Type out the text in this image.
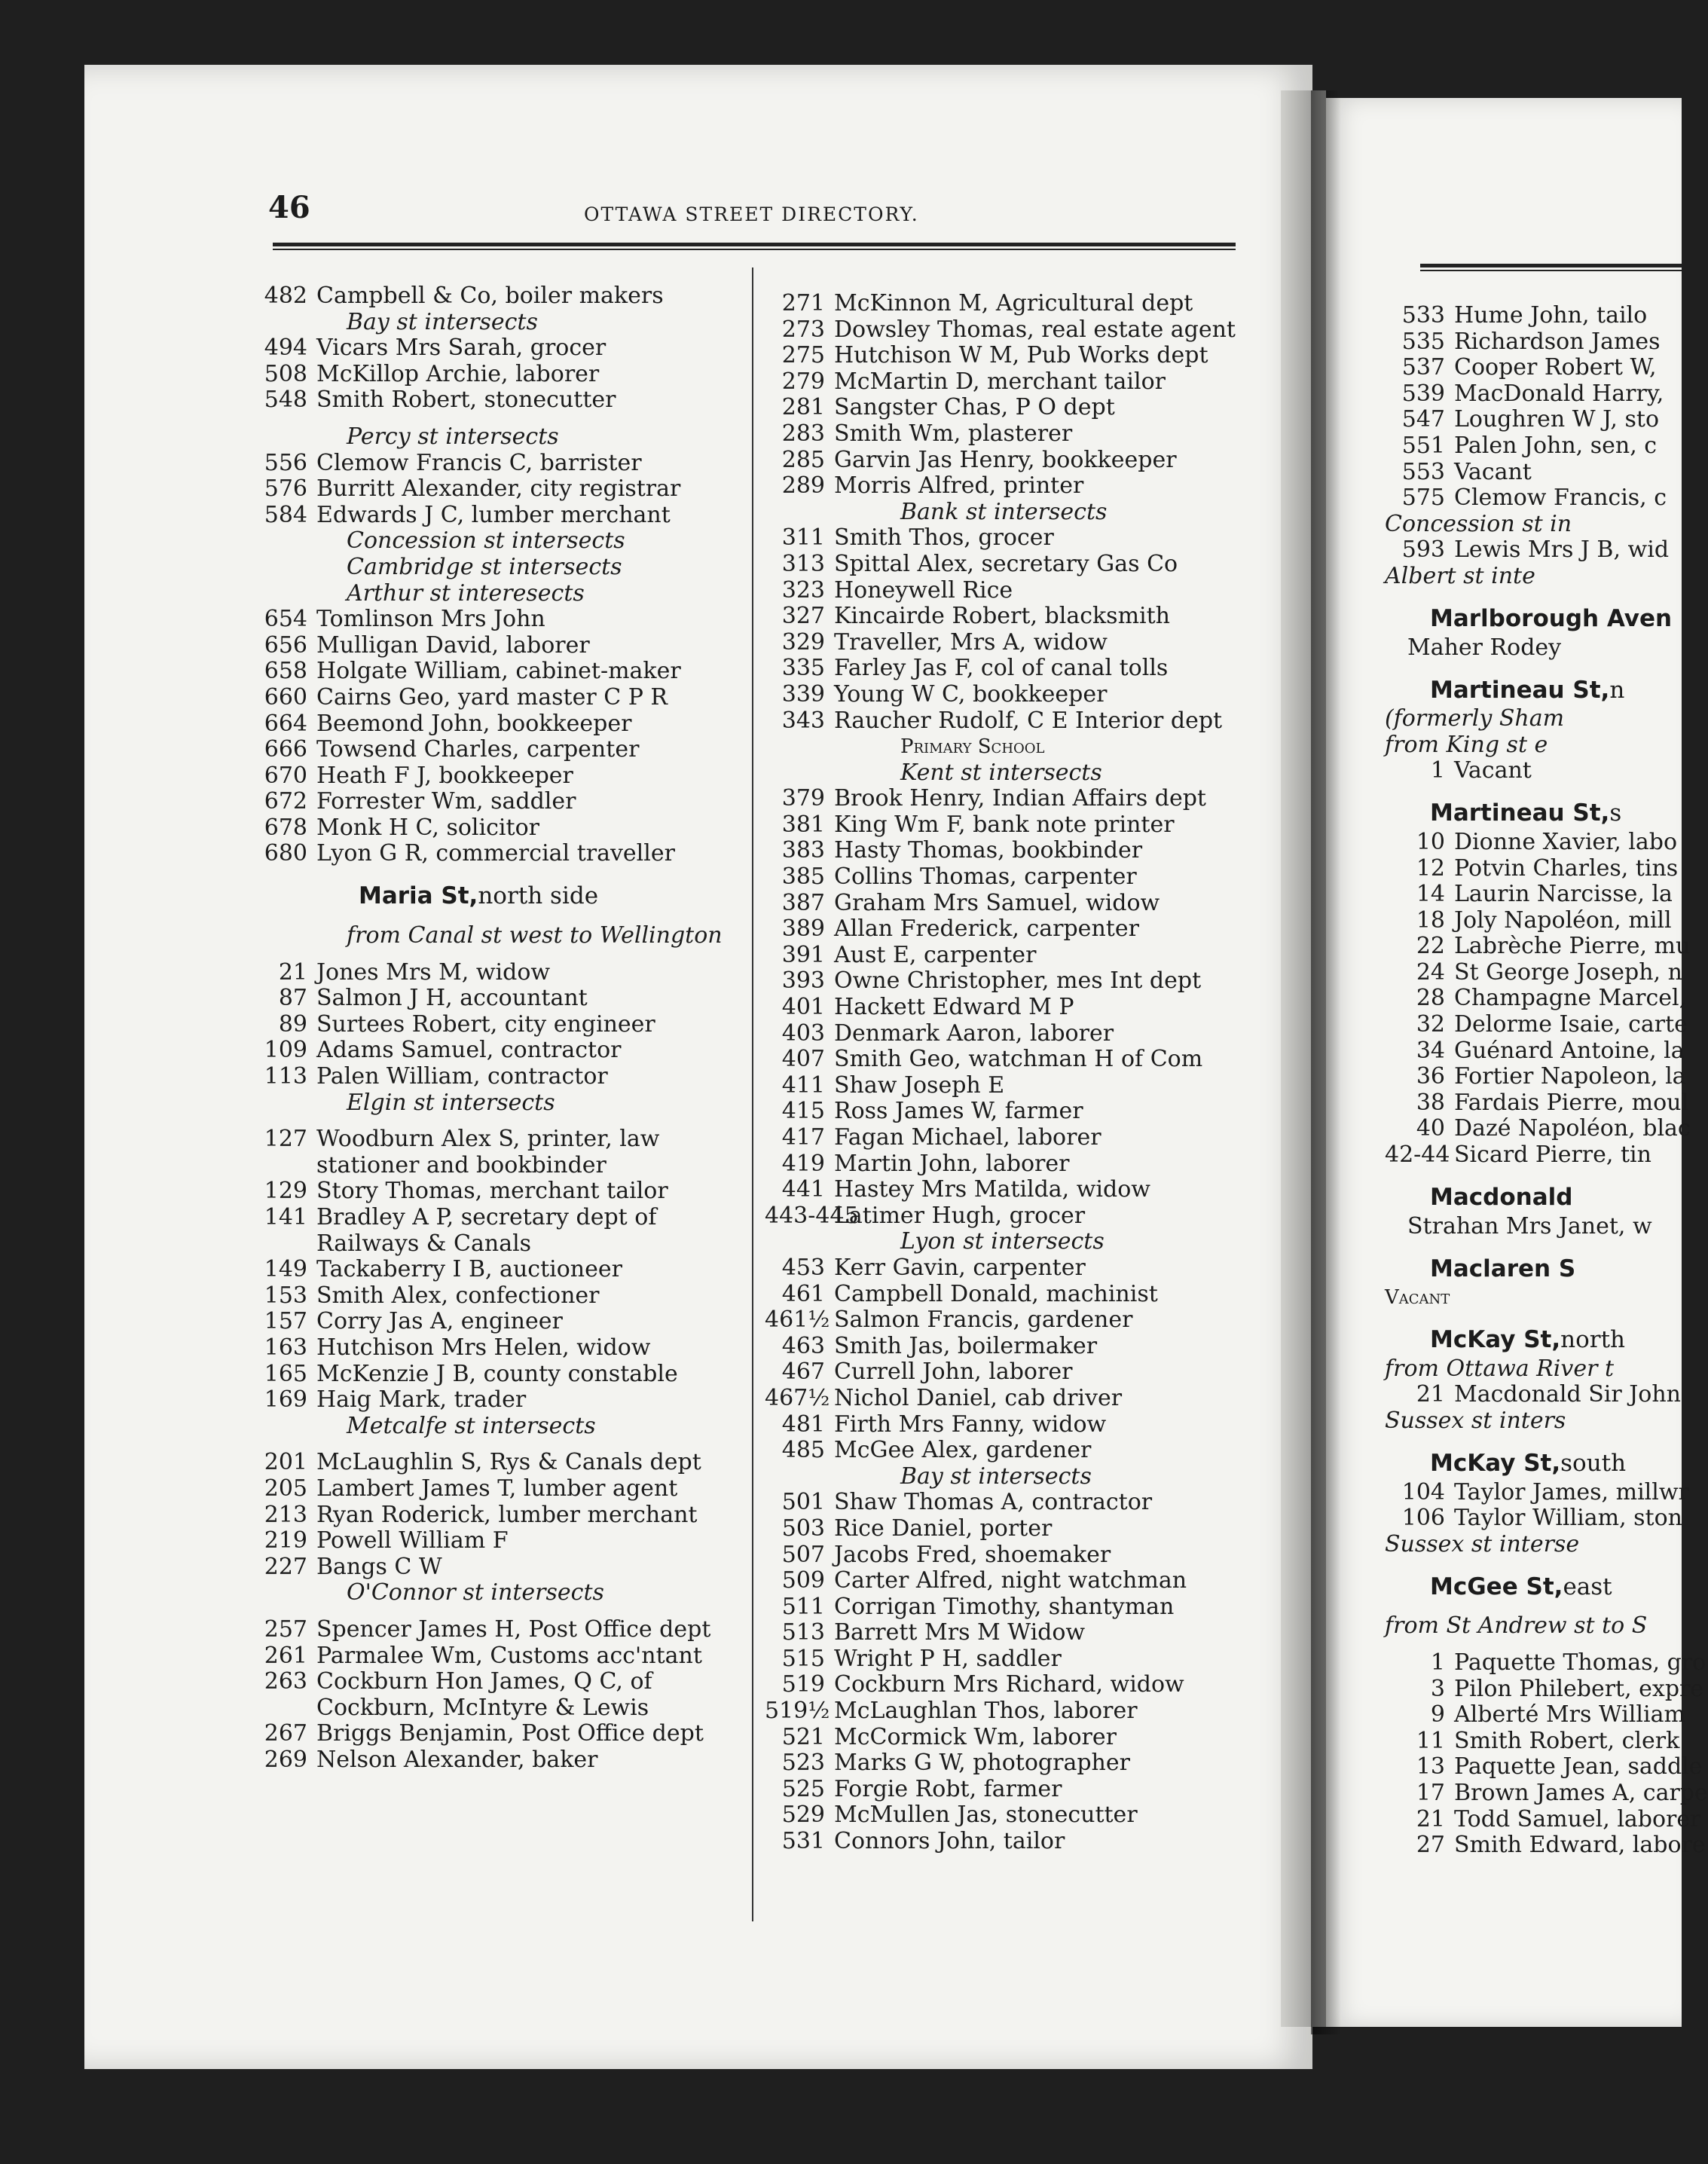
46	OTTAWA STREET DIRECTORY.
482 Campbell & Co, boiler makers
Bay st intersects
494 Vicars Mrs Sarah, grocer
508 McKillop Archie, laborer
548 Smith Robert, stonecutter
Percy st intersects
556 Clemow Francis C, barrister
576 Burritt Alexander, city registrar
584 Edwards J C, lumber merchant
Concession st intersects
Cambridge st intersects
Arthur st interesects
654 Tomlinson Mrs John
656 Mulligan David, laborer
658 Holgate William, cabinet-maker
660 Cairns Geo, yard master C P R
664 Beemond John, bookkeeper
666 Towsend Charles, carpenter
670 Heath F J, bookkeeper
672 Forrester Wm, saddler
678 Monk H C, solicitor
680 Lyon G R, commercial traveller
Maria St, north side
from Canal st west to Wellington
21 Jones Mrs M, widow
87 Salmon J H, accountant
89 Surtees Robert, city engineer
109 Adams Samuel, contractor
113 Palen William, contractor
Elgin st intersects
127 Woodburn Alex S, printer, law
stationer and bookbinder
129 Story Thomas, merchant tailor
141 Bradley A P, secretary dept of
Railways & Canals
149 Tackaberry I B, auctioneer
153 Smith Alex, confectioner
157 Corry Jas A, engineer
163 Hutchison Mrs Helen, widow
165 McKenzie J B, county constable
169 Haig Mark, trader
Metcalfe st intersects
201 McLaughlin S, Rys & Canals dept
205 Lambert James T, lumber agent
213 Ryan Roderick, lumber merchant
219 Powell William F
227 Bangs C W
O'Connor st intersects
257 Spencer James H, Post Office dept
261 Parmalee Wm, Customs acc'ntant
263 Cockburn Hon James, Q C, of
Cockburn, McIntyre & Lewis
267 Briggs Benjamin, Post Office dept
269 Nelson Alexander, baker
271 McKinnon M, Agricultural dept
273 Dowsley Thomas, real estate agent
275 Hutchison W M, Pub Works dept
279 McMartin D, merchant tailor
281 Sangster Chas, P O dept
283 Smith Wm, plasterer
285 Garvin Jas Henry, bookkeeper
289 Morris Alfred, printer
Bank st intersects
311 Smith Thos, grocer
313 Spittal Alex, secretary Gas Co
323 Honeywell Rice
327 Kincairde Robert, blacksmith
329 Traveller, Mrs A, widow
335 Farley Jas F, col of canal tolls
339 Young W C, bookkeeper
343 Raucher Rudolf, C E Interior dept
Primary School
Kent st intersects
379 Brook Henry, Indian Affairs dept
381 King Wm F, bank note printer
383 Hasty Thomas, bookbinder
385 Collins Thomas, carpenter
387 Graham Mrs Samuel, widow
389 Allan Frederick, carpenter
391 Aust E, carpenter
393 Owne Christopher, mes Int dept
401 Hackett Edward M P
403 Denmark Aaron, laborer
407 Smith Geo, watchman H of Com
411 Shaw Joseph E
415 Ross James W, farmer
417 Fagan Michael, laborer
419 Martin John, laborer
441 Hastey Mrs Matilda, widow
443-445
Latimer Hugh, grocer
Lyon st intersects
453 Kerr Gavin, carpenter
461 Campbell Donald, machinist
461½ Salmon Francis, gardener
463 Smith Jas, boilermaker
467 Currell John, laborer
467½ Nichol Daniel, cab driver
481 Firth Mrs Fanny, widow
485 McGee Alex, gardener
Bay st intersects
501 Shaw Thomas A, contractor
503 Rice Daniel, porter
507 Jacobs Fred, shoemaker
509 Carter Alfred, night watchman
511 Corrigan Timothy, shantyman
513 Barrett Mrs M Widow
515 Wright P H, saddler
519 Cockburn Mrs Richard, widow
519½ McLaughlan Thos, laborer
521 McCormick Wm, laborer
523 Marks G W, photographer
525 Forgie Robt, farmer
529 McMullen Jas, stonecutter
531 Connors John, tailor
533 Hume John, tailo
535 Richardson James
537 Cooper Robert W,
539 MacDonald Harry,
547 Loughren W J, sto
551 Palen John, sen, c
553 Vacant
575 Clemow Francis, c
Concession st in
593 Lewis Mrs J B, wid
Albert st inte
Marlborough Aven
Maher Rodey
Martineau St, n
(formerly Sham
from King st e
1 Vacant
Martineau St, s
10 Dionne Xavier, labo
12 Potvin Charles, tins
14 Laurin Narcisse, la
18 Joly Napoléon, mill
22 Labrèche Pierre, mu
24 St George Joseph, n
28 Champagne Marcel,
32 Delorme Isaie, carte
34 Guénard Antoine, la
36 Fortier Napoleon, la
38 Fardais Pierre, moul
40 Dazé Napoléon, blac
42-44 Sicard Pierre, tin
Macdonald
Strahan Mrs Janet, w
Maclaren S
Vacant
McKay St, north
from Ottawa River t
21 Macdonald Sir John
Sussex st inters
McKay St, south
104 Taylor James, millwr
106 Taylor William, ston
Sussex st interse
McGee St, east
from St Andrew st to S
1 Paquette Thomas, gro
3 Pilon Philebert, expre
9 Alberté Mrs William
11 Smith Robert, clerk
13 Paquette Jean, saddle
17 Brown James A, carpe
21 Todd Samuel, laborer
27 Smith Edward, labore
